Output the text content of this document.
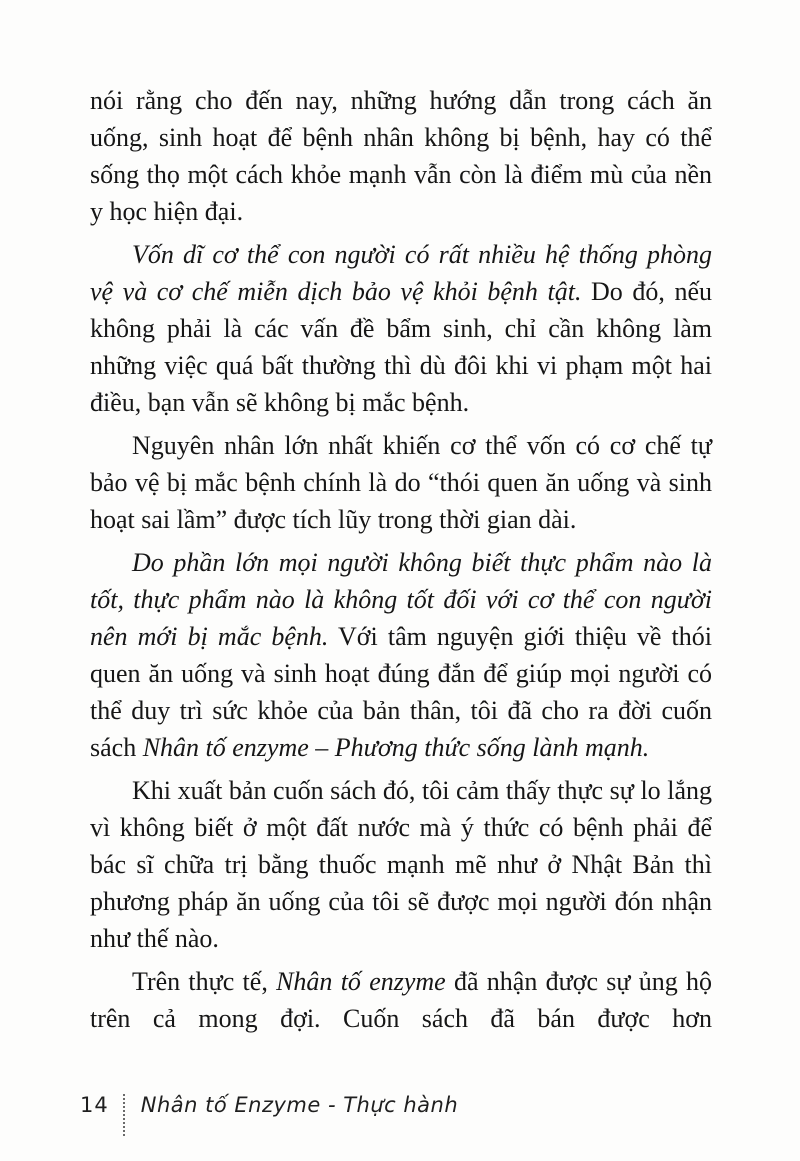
nói rằng cho đến nay, những hướng dẫn trong cách ăn uống, sinh hoạt để bệnh nhân không bị bệnh, hay có thể sống thọ một cách khỏe mạnh vẫn còn là điểm mù của nền y học hiện đại.

Vốn dĩ cơ thể con người có rất nhiều hệ thống phòng vệ và cơ chế miễn dịch bảo vệ khỏi bệnh tật. Do đó, nếu không phải là các vấn đề bẩm sinh, chỉ cần không làm những việc quá bất thường thì dù đôi khi vi phạm một hai điều, bạn vẫn sẽ không bị mắc bệnh.

Nguyên nhân lớn nhất khiến cơ thể vốn có cơ chế tự bảo vệ bị mắc bệnh chính là do “thói quen ăn uống và sinh hoạt sai lầm” được tích lũy trong thời gian dài.

Do phần lớn mọi người không biết thực phẩm nào là tốt, thực phẩm nào là không tốt đối với cơ thể con người nên mới bị mắc bệnh. Với tâm nguyện giới thiệu về thói quen ăn uống và sinh hoạt đúng đắn để giúp mọi người có thể duy trì sức khỏe của bản thân, tôi đã cho ra đời cuốn sách Nhân tố enzyme – Phương thức sống lành mạnh.

Khi xuất bản cuốn sách đó, tôi cảm thấy thực sự lo lắng vì không biết ở một đất nước mà ý thức có bệnh phải để bác sĩ chữa trị bằng thuốc mạnh mẽ như ở Nhật Bản thì phương pháp ăn uống của tôi sẽ được mọi người đón nhận như thế nào.

Trên thực tế, Nhân tố enzyme đã nhận được sự ủng hộ trên cả mong đợi. Cuốn sách đã bán được hơn

14 Nhân tố Enzyme - Thực hành
